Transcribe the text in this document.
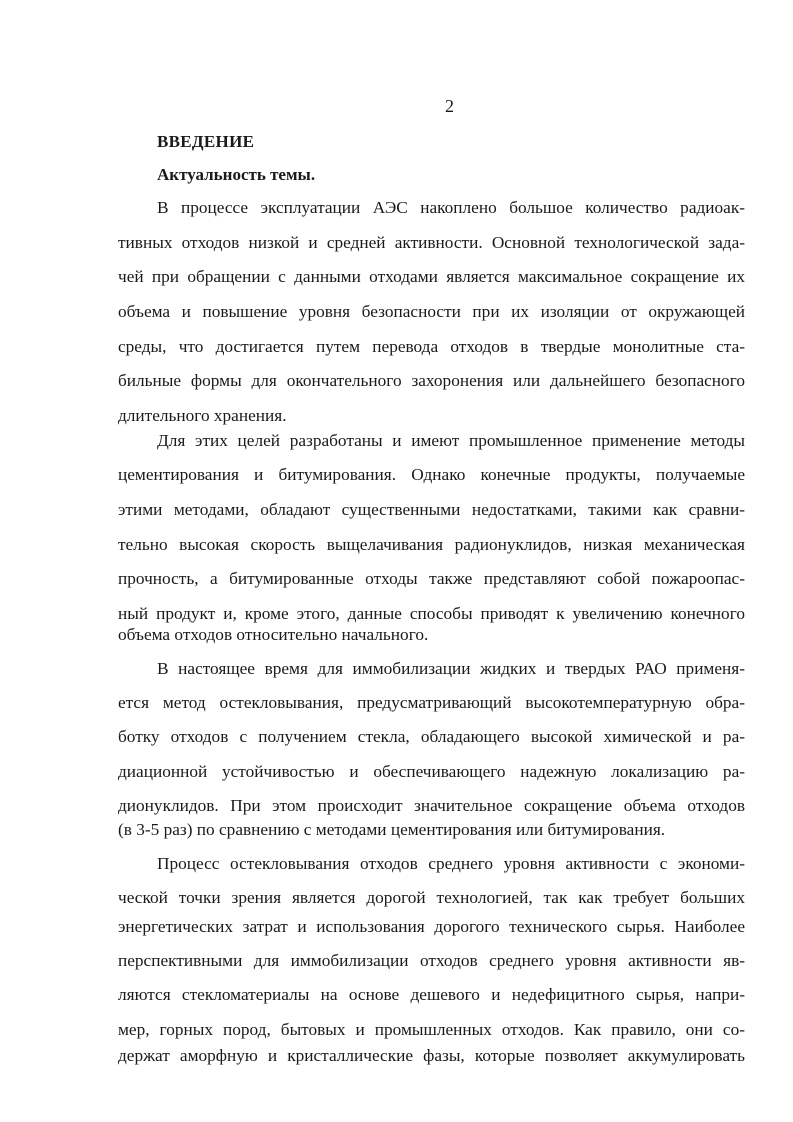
2
ВВЕДЕНИЕ
Актуальность темы.
В процессе эксплуатации АЭС накоплено большое количество радиоак-
тивных отходов низкой и средней активности. Основной технологической зада-
чей при обращении с данными отходами является максимальное сокращение их
объема и повышение уровня безопасности при их изоляции от окружающей
среды, что достигается путем перевода отходов в твердые монолитные ста-
бильные формы для окончательного захоронения или дальнейшего безопасного
длительного хранения.
Для этих целей разработаны и имеют промышленное применение методы
цементирования и битумирования. Однако конечные продукты, получаемые
этими методами, обладают существенными недостатками, такими как сравни-
тельно высокая скорость выщелачивания радионуклидов, низкая механическая
прочность, а битумированные отходы также представляют собой пожароопас-
ный продукт и, кроме этого, данные способы приводят к увеличению конечного
объема отходов относительно начального.
В настоящее время для иммобилизации жидких и твердых РАО применя-
ется метод остекловывания, предусматривающий высокотемпературную обра-
ботку отходов с получением стекла, обладающего высокой химической и ра-
диационной устойчивостью и обеспечивающего надежную локализацию ра-
дионуклидов. При этом происходит значительное сокращение объема отходов
(в 3-5 раз) по сравнению с методами цементирования или битумирования.
Процесс остекловывания отходов среднего уровня активности с экономи-
ческой точки зрения является дорогой технологией, так как требует больших
энергетических затрат и использования дорогого технического сырья. Наиболее
перспективными для иммобилизации отходов среднего уровня активности яв-
ляются стекломатериалы на основе дешевого и недефицитного сырья, напри-
мер, горных пород, бытовых и промышленных отходов. Как правило, они со-
держат аморфную и кристаллические фазы, которые позволяет аккумулировать
